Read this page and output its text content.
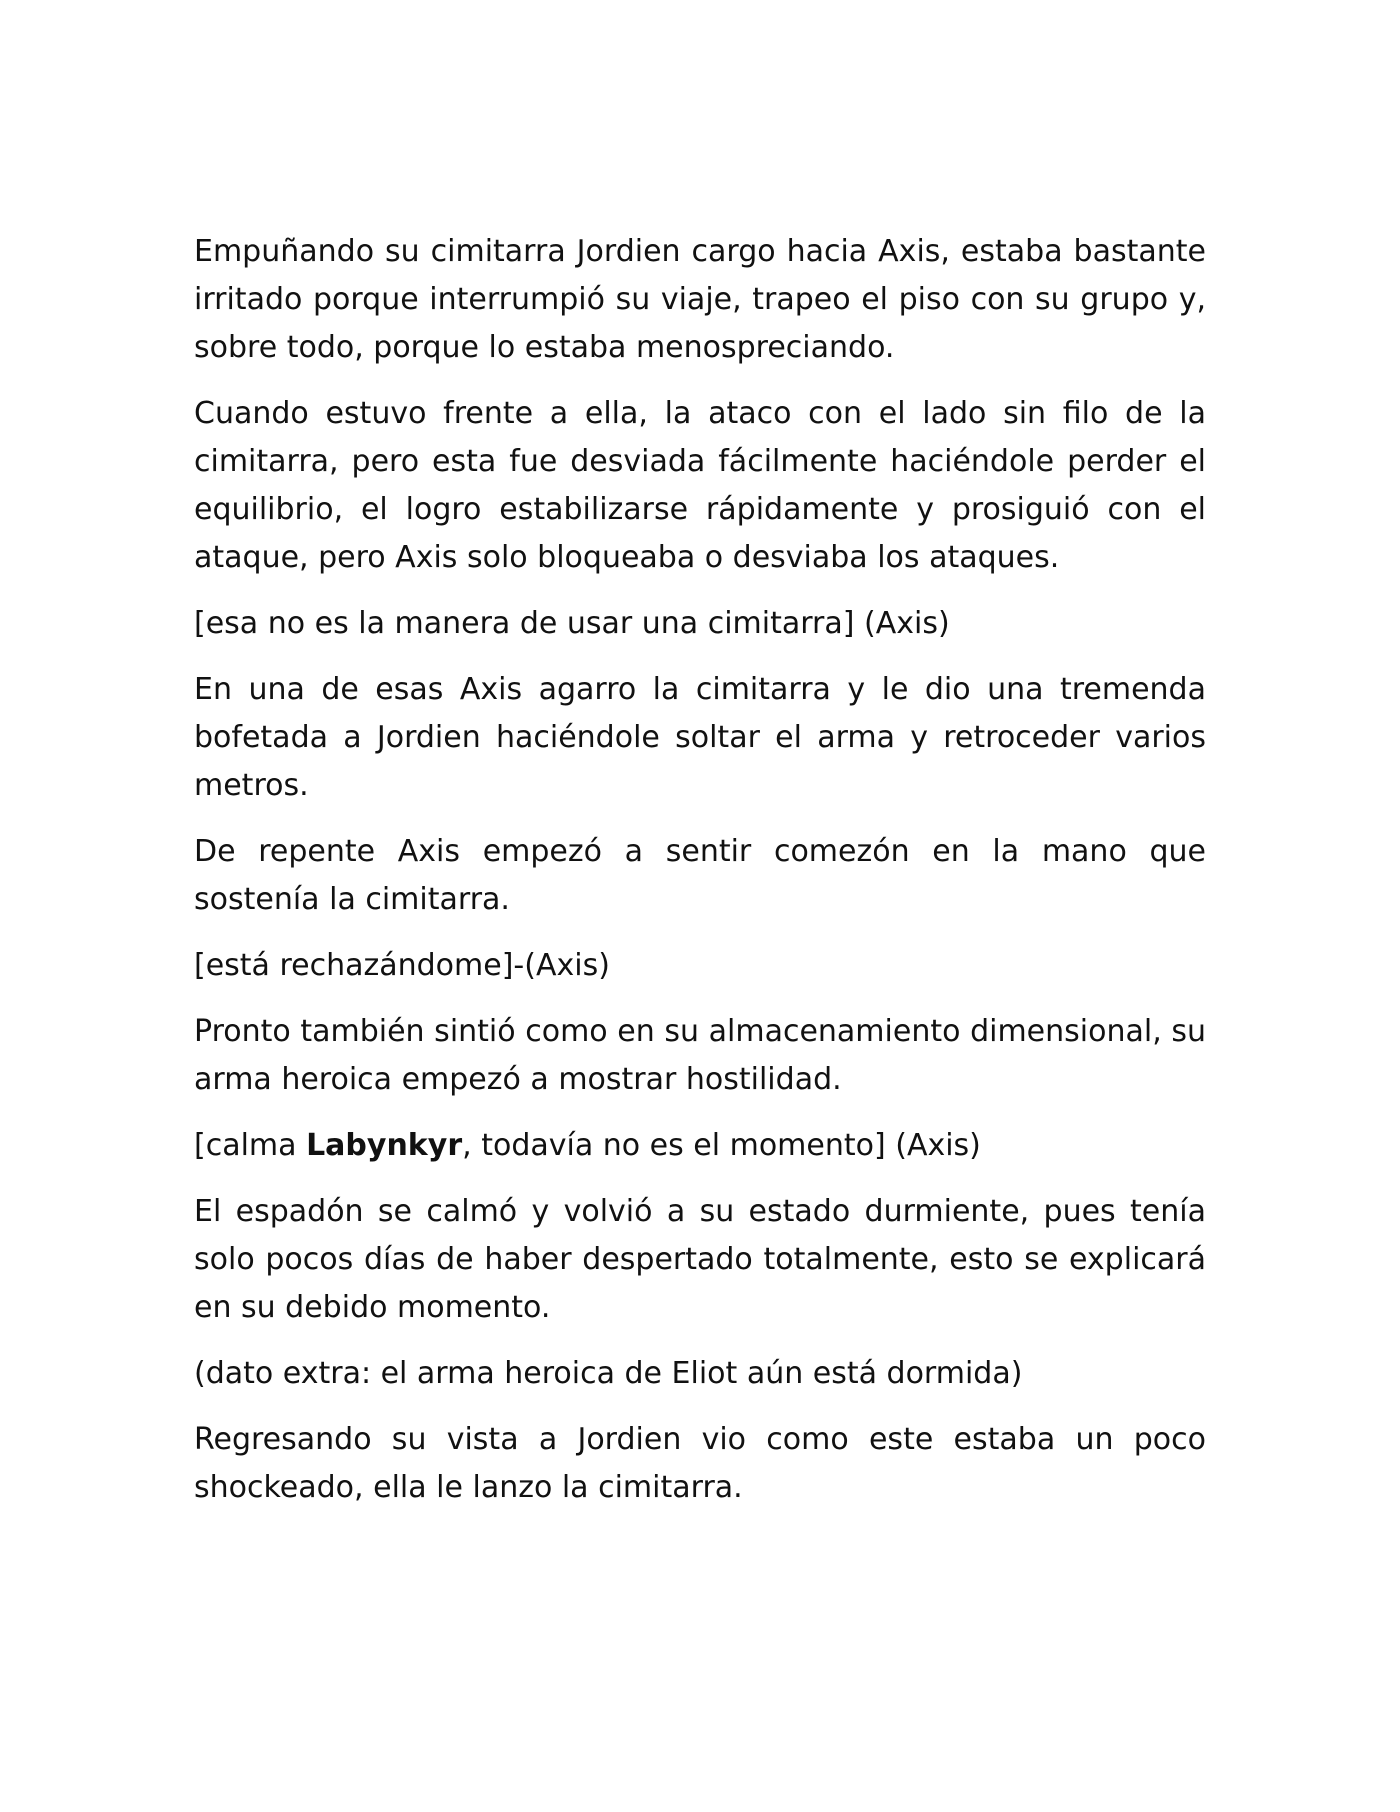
Empuñando su cimitarra Jordien cargo hacia Axis, estaba bastante irritado porque interrumpió su viaje, trapeo el piso con su grupo y, sobre todo, porque lo estaba menospreciando.

Cuando estuvo frente a ella, la ataco con el lado sin filo de la cimitarra, pero esta fue desviada fácilmente haciéndole perder el equilibrio, el logro estabilizarse rápidamente y prosiguió con el ataque, pero Axis solo bloqueaba o desviaba los ataques.

[esa no es la manera de usar una cimitarra] (Axis)

En una de esas Axis agarro la cimitarra y le dio una tremenda bofetada a Jordien haciéndole soltar el arma y retroceder varios metros.

De repente Axis empezó a sentir comezón en la mano que sostenía la cimitarra.

[está rechazándome]-(Axis)

Pronto también sintió como en su almacenamiento dimensional, su arma heroica empezó a mostrar hostilidad.

[calma Labynkyr, todavía no es el momento] (Axis)

El espadón se calmó y volvió a su estado durmiente, pues tenía solo pocos días de haber despertado totalmente, esto se explicará en su debido momento.

(dato extra: el arma heroica de Eliot aún está dormida)

Regresando su vista a Jordien vio como este estaba un poco shockeado, ella le lanzo la cimitarra.
